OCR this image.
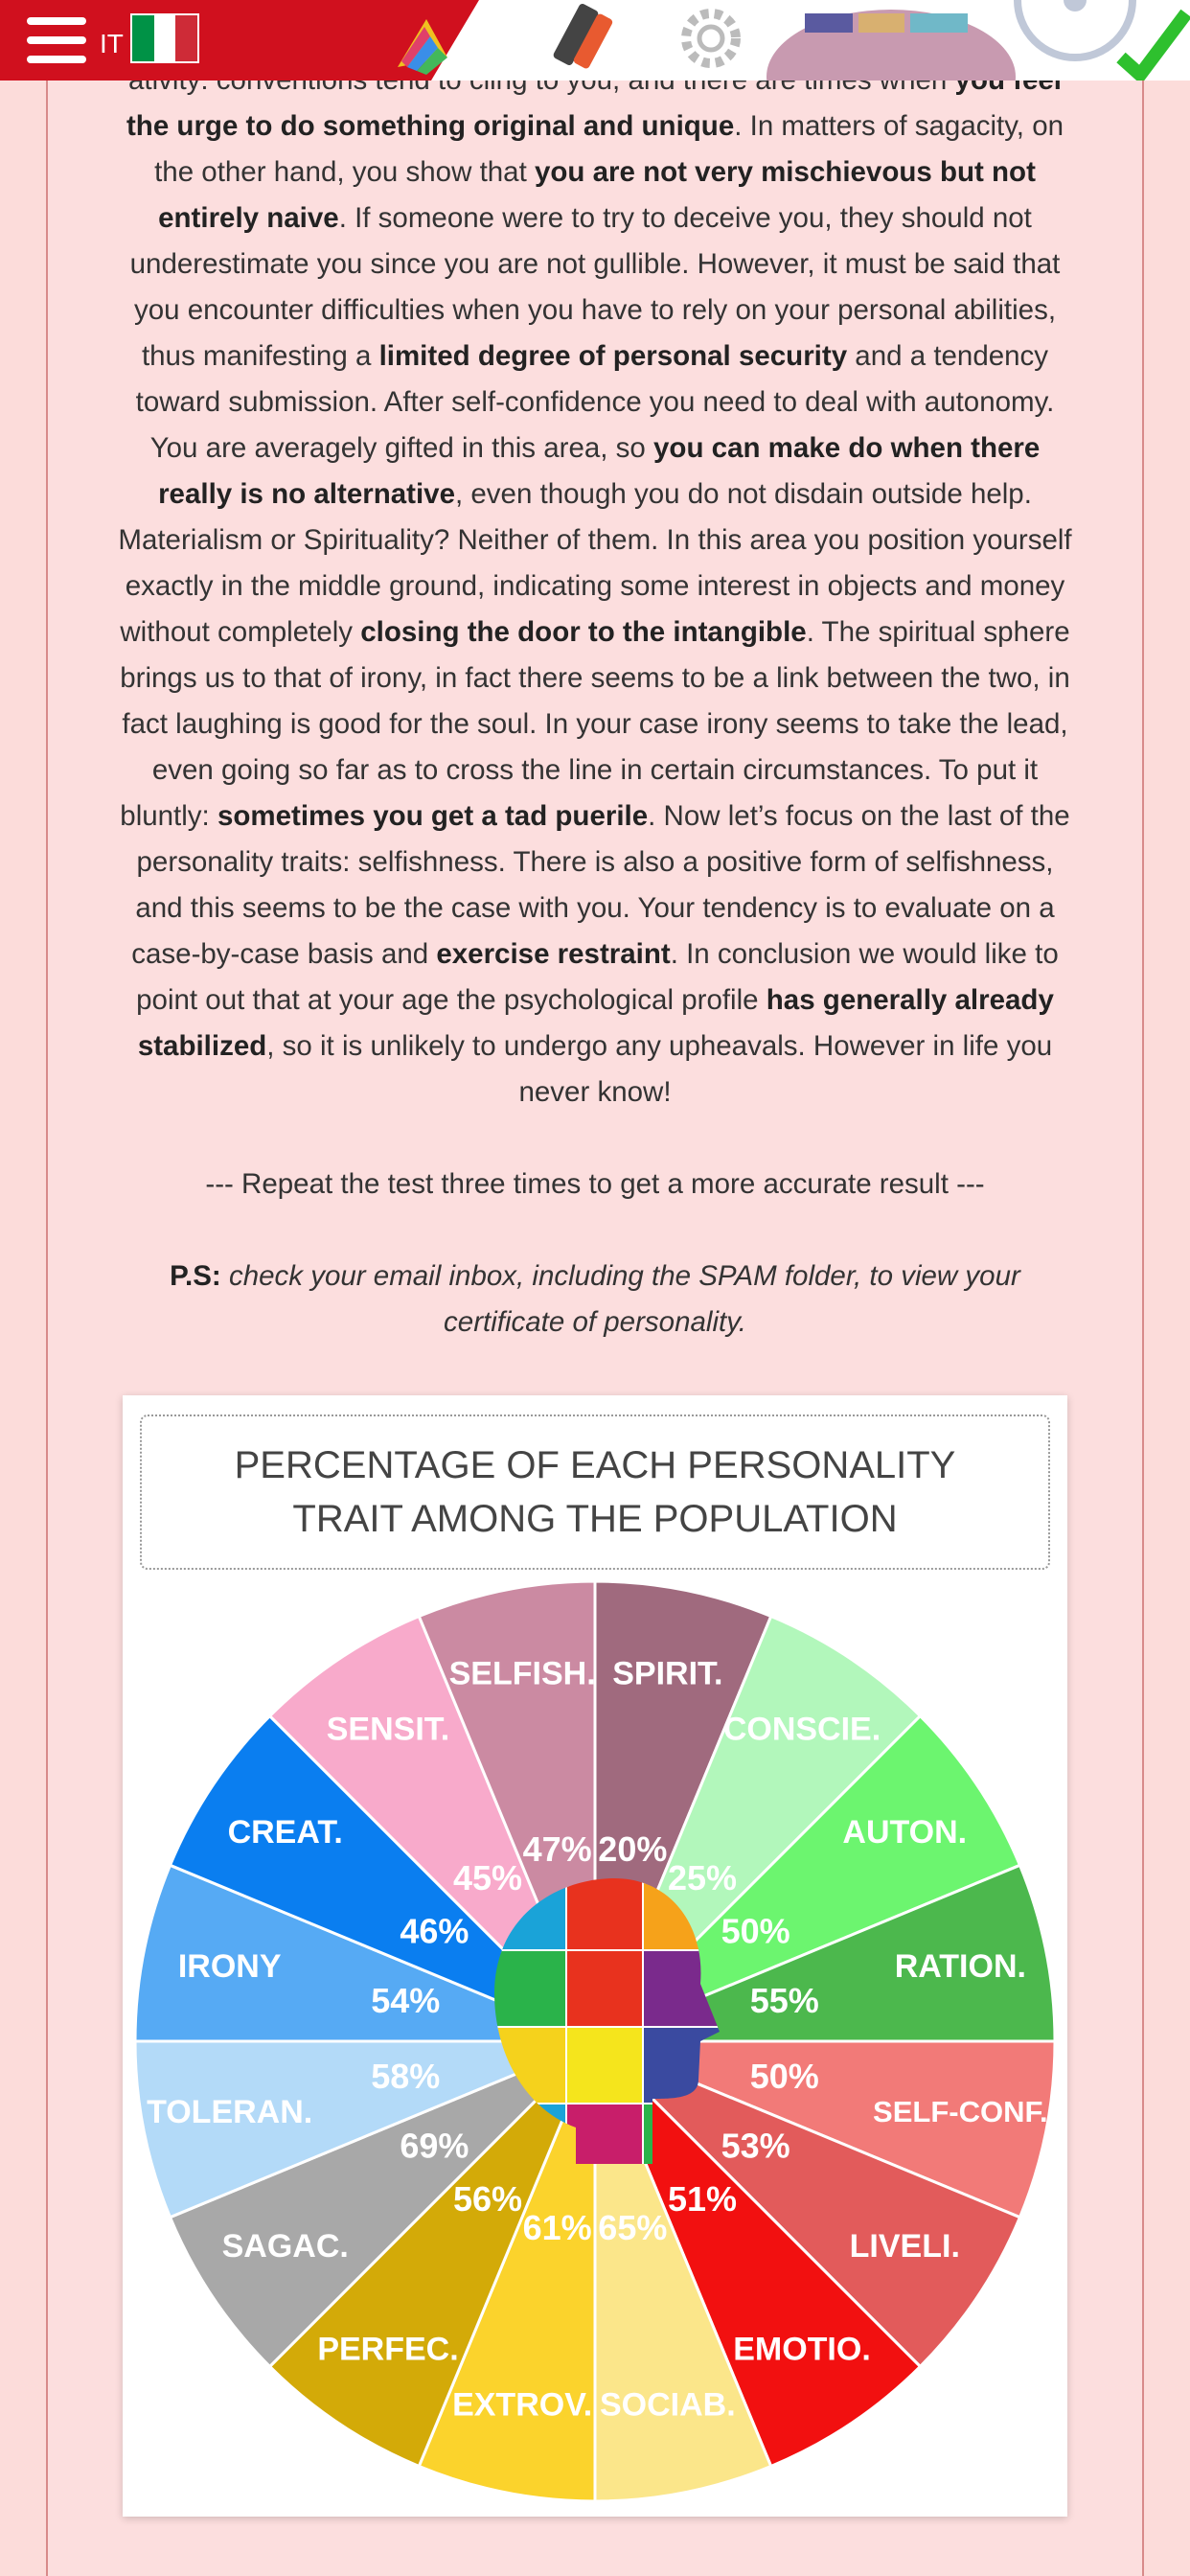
the urge to do something original and unique. In matters of sagacity, on the other hand, you show that you are not very mischievous but not entirely naive. If someone were to try to deceive you, they should not underestimate you since you are not gullible. However, it must be said that you encounter difficulties when you have to rely on your personal abilities, thus manifesting a limited degree of personal security and a tendency toward submission. After self-confidence you need to deal with autonomy. You are averagely gifted in this area, so you can make do when there really is no alternative, even though you do not disdain outside help. Materialism or Spirituality? Neither of them. In this area you position yourself exactly in the middle ground, indicating some interest in objects and money without completely closing the door to the intangible. The spiritual sphere brings us to that of irony, in fact there seems to be a link between the two, in fact laughing is good for the soul. In your case irony seems to take the lead, even going so far as to cross the line in certain circumstances. To put it bluntly: sometimes you get a tad puerile. Now let’s focus on the last of the personality traits: selfishness. There is also a positive form of selfishness, and this seems to be the case with you. Your tendency is to evaluate on a case-by-case basis and exercise restraint. In conclusion we would like to point out that at your age the psychological profile has generally already stabilized, so it is unlikely to undergo any upheavals. However in life you never know!

--- Repeat the test three times to get a more accurate result ---

P.S: check your email inbox, including the SPAM folder, to view your certificate of personality.

PERCENTAGE OF EACH PERSONALITY TRAIT AMONG THE POPULATION
SPIRIT.
20%
CONSCIE.
25%
AUTON.
50%
RATION.
55%
SELF-CONF.
50%
LIVELI.
53%
EMOTIO.
51%
SOCIAB.
65%
EXTROV.
61%
PERFEC.
56%
SAGAC.
69%
TOLERAN.
58%
IRONY
54%
CREAT.
46%
SENSIT.
45%
SELFISH.
47%
IT
